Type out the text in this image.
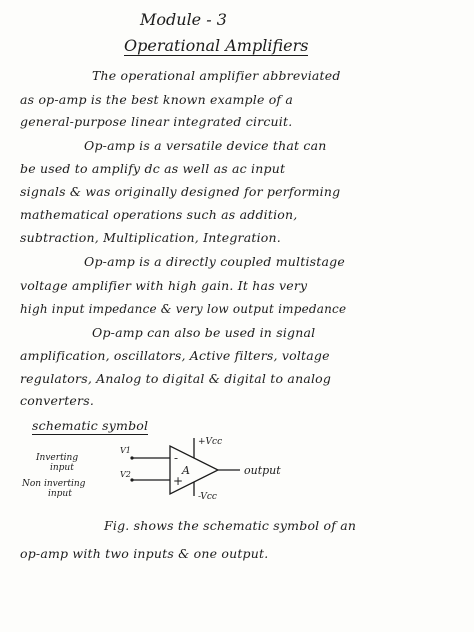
Module - 3
Operational Amplifiers
The operational amplifier abbreviated
as op-amp is the best known example of a
general-purpose linear integrated circuit.
Op-amp is a versatile device that can
be used to amplify dc as well as ac input
signals & was originally designed for performing
mathematical operations such as addition,
subtraction, Multiplication, Integration.
Op-amp is a directly coupled multistage
voltage amplifier with high gain. It has very
high input impedance & very low output impedance
Op-amp can also be used in signal
amplification, oscillators, Active filters, voltage
regulators, Analog to digital & digital to analog
converters.
schematic symbol
-
+
A
+Vcc
-Vcc
output
V1
V2
Inverting
input
Non inverting
input
Fig. shows the schematic symbol of an
op-amp with two inputs & one output.
